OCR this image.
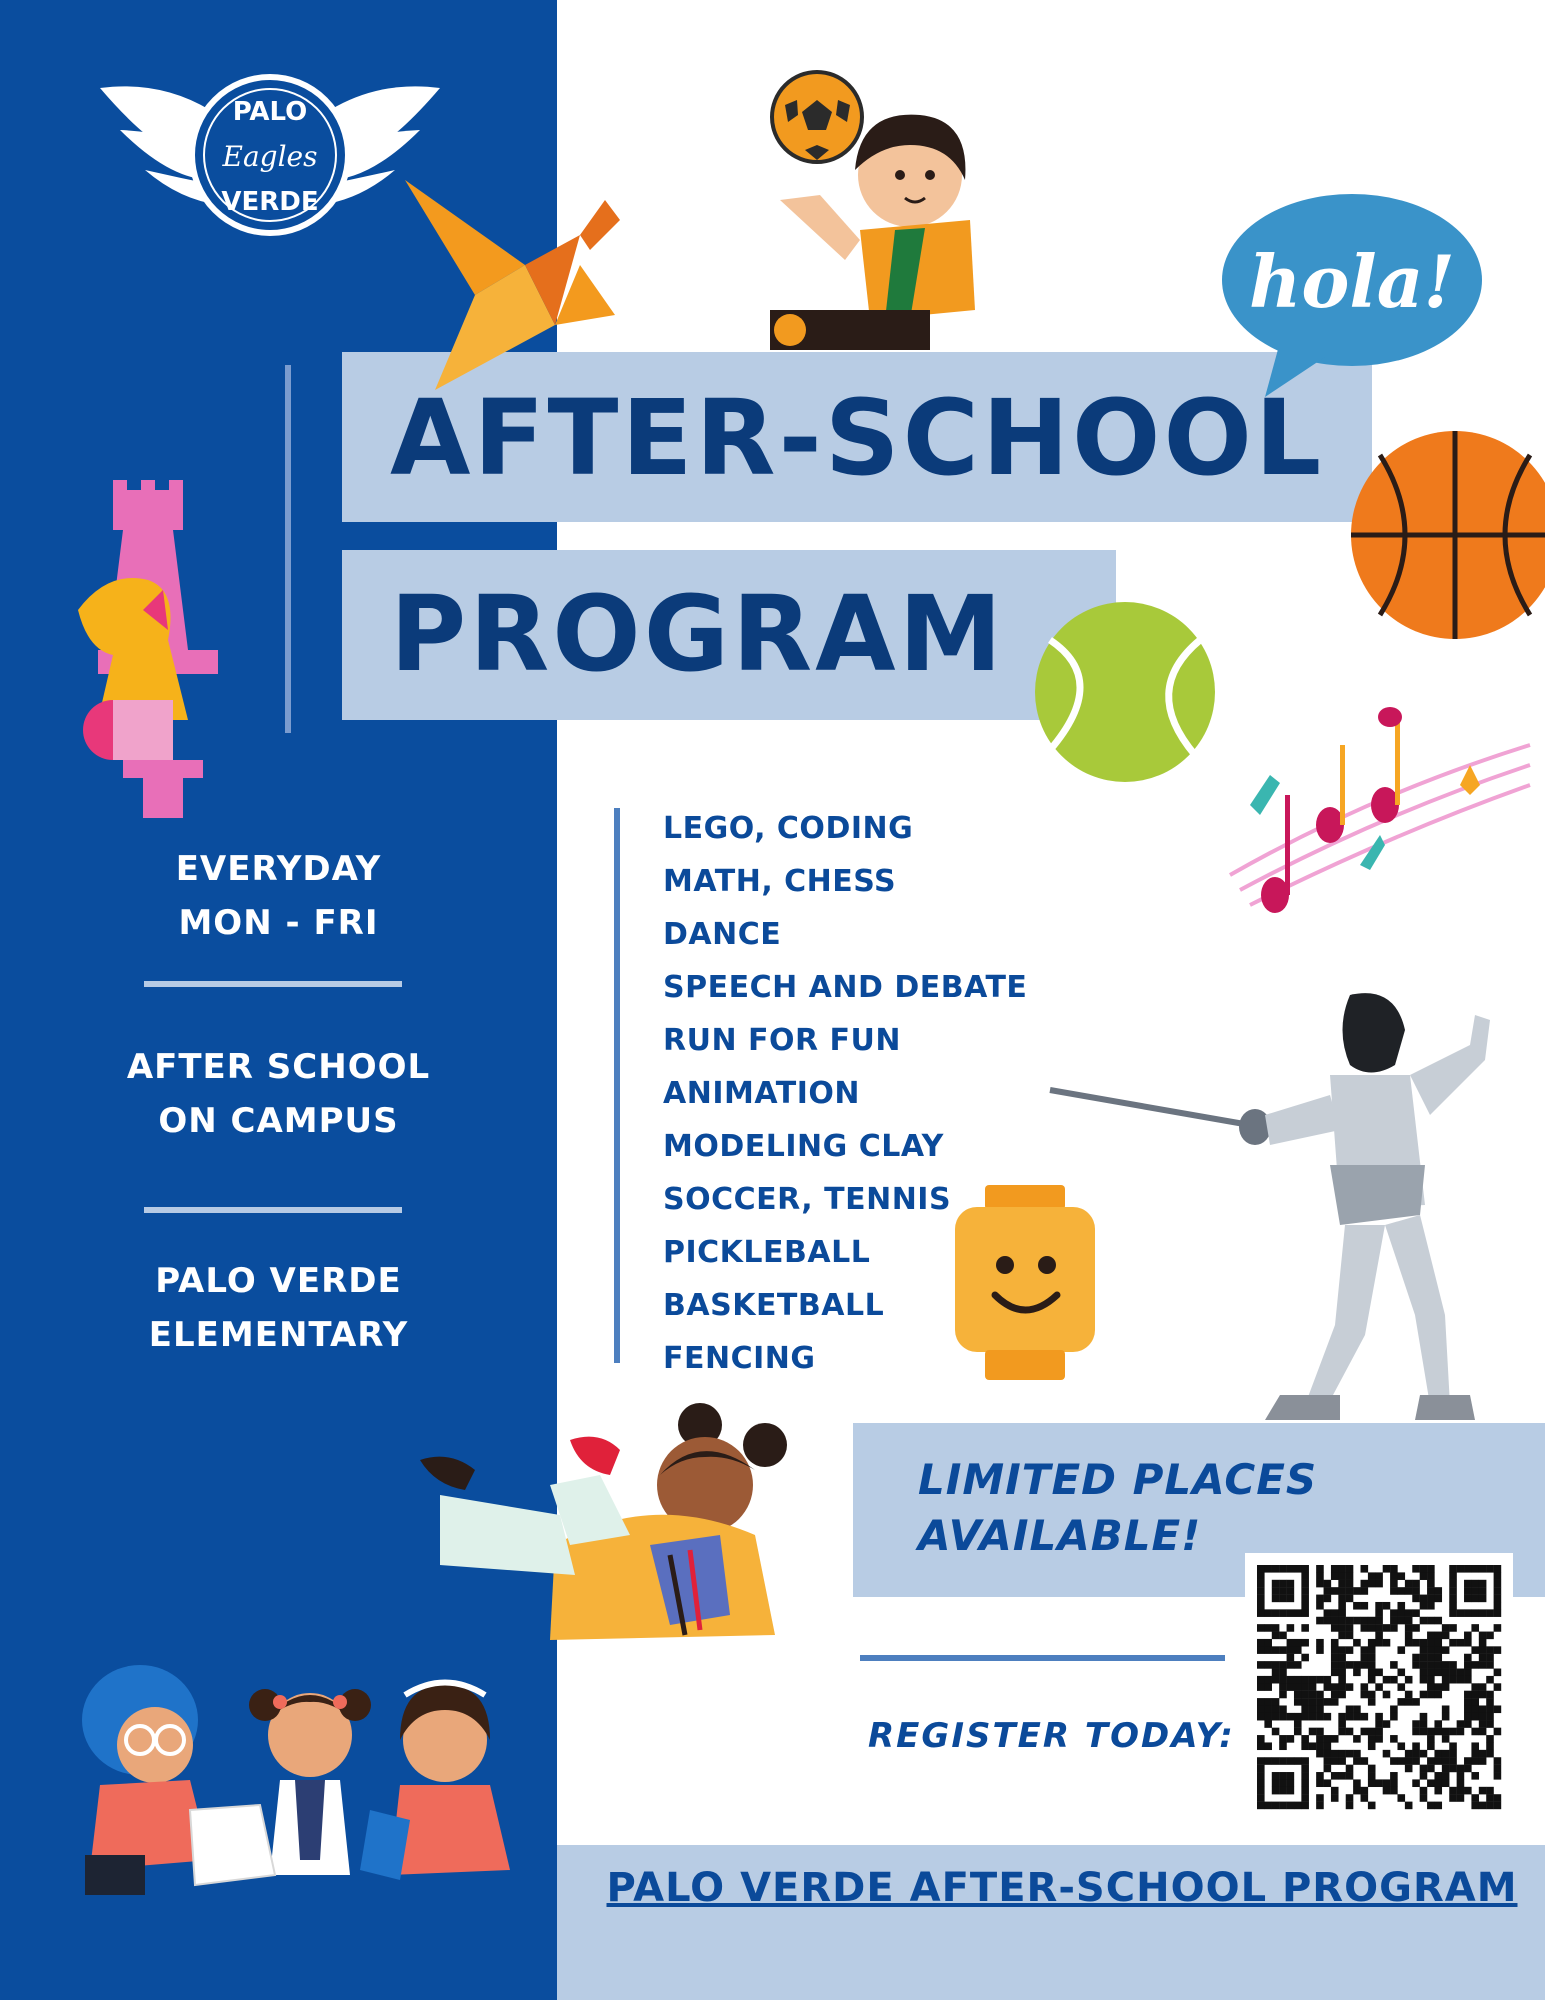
PALO
Eagles
VERDE
EVERYDAY
MON - FRI
AFTER SCHOOL
ON CAMPUS
PALO VERDE
ELEMENTARY
AFTER-SCHOOL
PROGRAM
hola!
LEGO, CODING
MATH, CHESS
DANCE
SPEECH AND DEBATE
RUN FOR FUN
ANIMATION
MODELING CLAY
SOCCER, TENNIS
PICKLEBALL
BASKETBALL
FENCING
LIMITED PLACES
AVAILABLE!
REGISTER TODAY:
PALO VERDE AFTER-SCHOOL PROGRAM
